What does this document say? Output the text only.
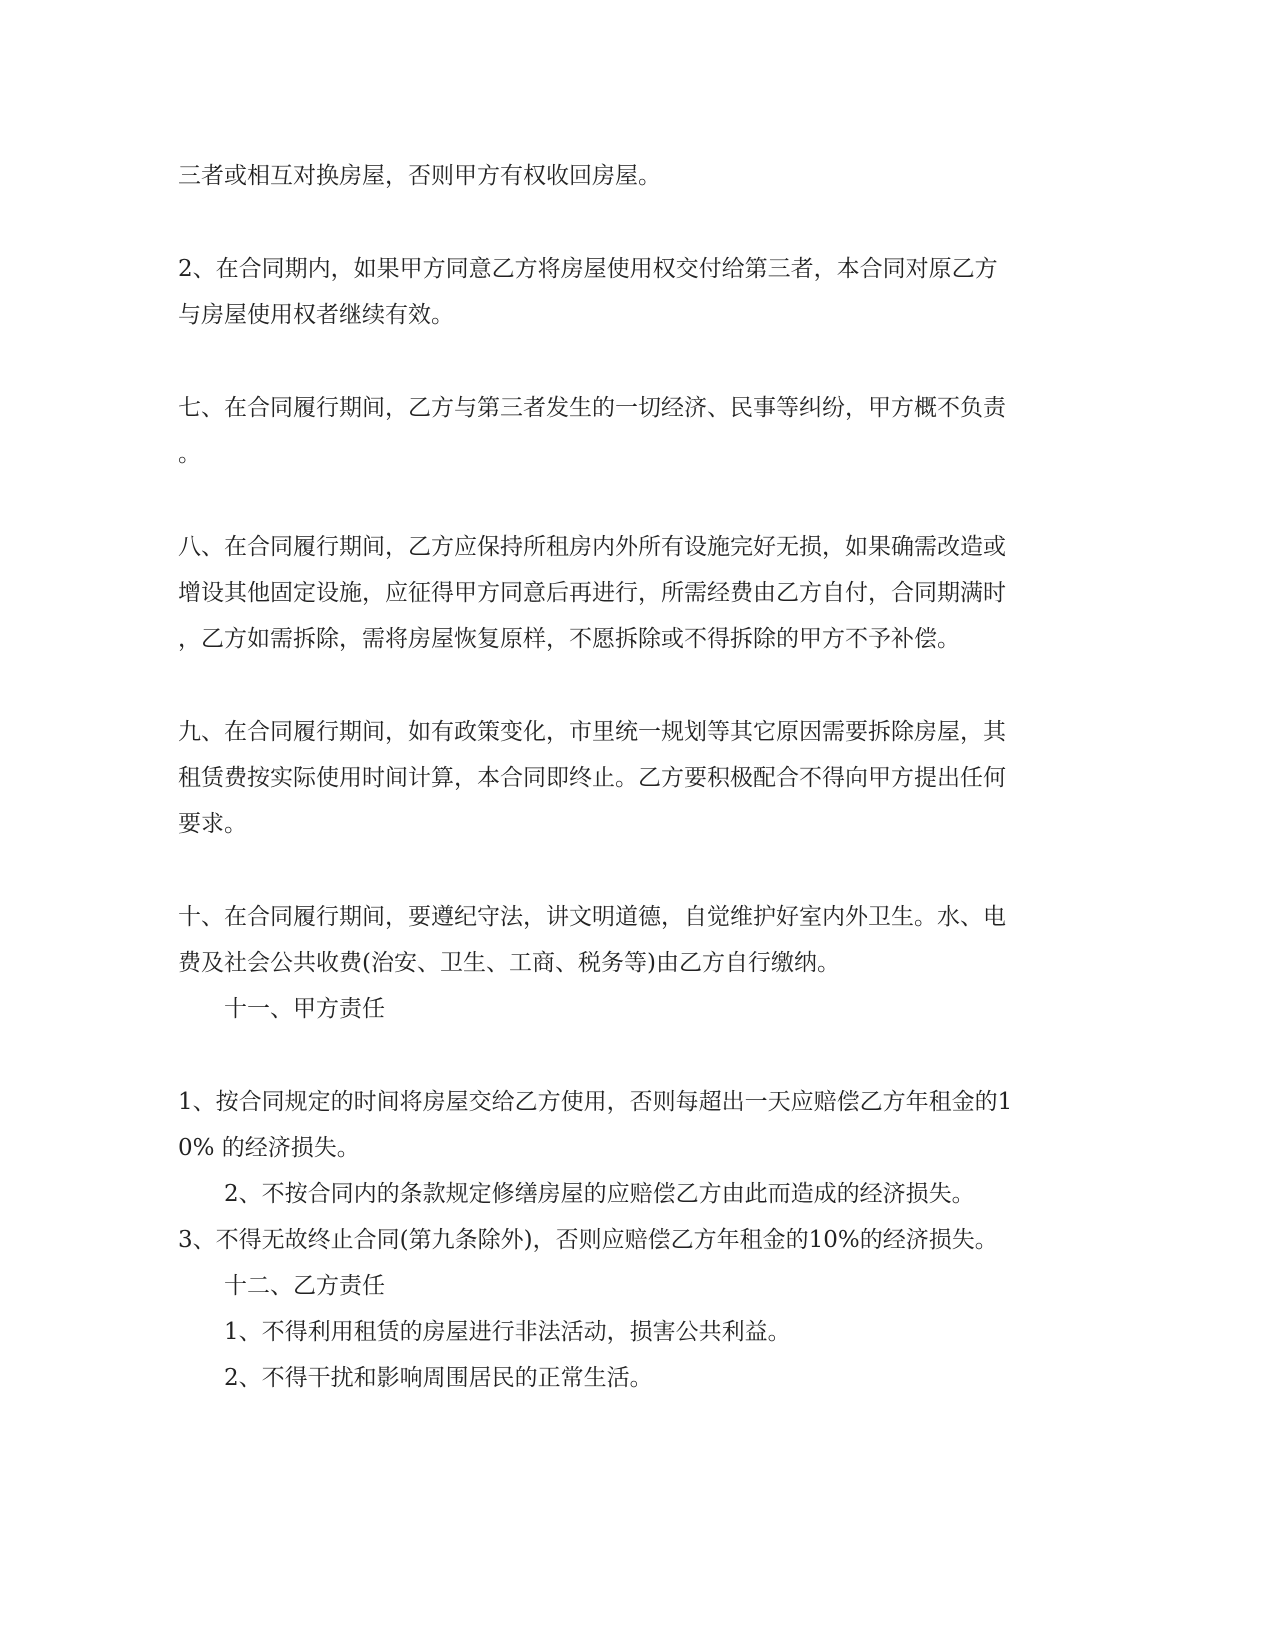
三者或相互对换房屋，否则甲方有权收回房屋。
2、在合同期内，如果甲方同意乙方将房屋使用权交付给第三者，本合同对原乙方
与房屋使用权者继续有效。
七、在合同履行期间，乙方与第三者发生的一切经济、民事等纠纷，甲方概不负责
。
八、在合同履行期间，乙方应保持所租房内外所有设施完好无损，如果确需改造或
增设其他固定设施，应征得甲方同意后再进行，所需经费由乙方自付，合同期满时
，乙方如需拆除，需将房屋恢复原样，不愿拆除或不得拆除的甲方不予补偿。
九、在合同履行期间，如有政策变化，市里统一规划等其它原因需要拆除房屋，其
租赁费按实际使用时间计算，本合同即终止。乙方要积极配合不得向甲方提出任何
要求。
十、在合同履行期间，要遵纪守法，讲文明道德，自觉维护好室内外卫生。水、电
费及社会公共收费(治安、卫生、工商、税务等)由乙方自行缴纳。
十一、甲方责任
1、按合同规定的时间将房屋交给乙方使用，否则每超出一天应赔偿乙方年租金的1
0% 的经济损失。
2、不按合同内的条款规定修缮房屋的应赔偿乙方由此而造成的经济损失。
3、不得无故终止合同(第九条除外)，否则应赔偿乙方年租金的10%的经济损失。
十二、乙方责任
1、不得利用租赁的房屋进行非法活动，损害公共利益。
2、不得干扰和影响周围居民的正常生活。
